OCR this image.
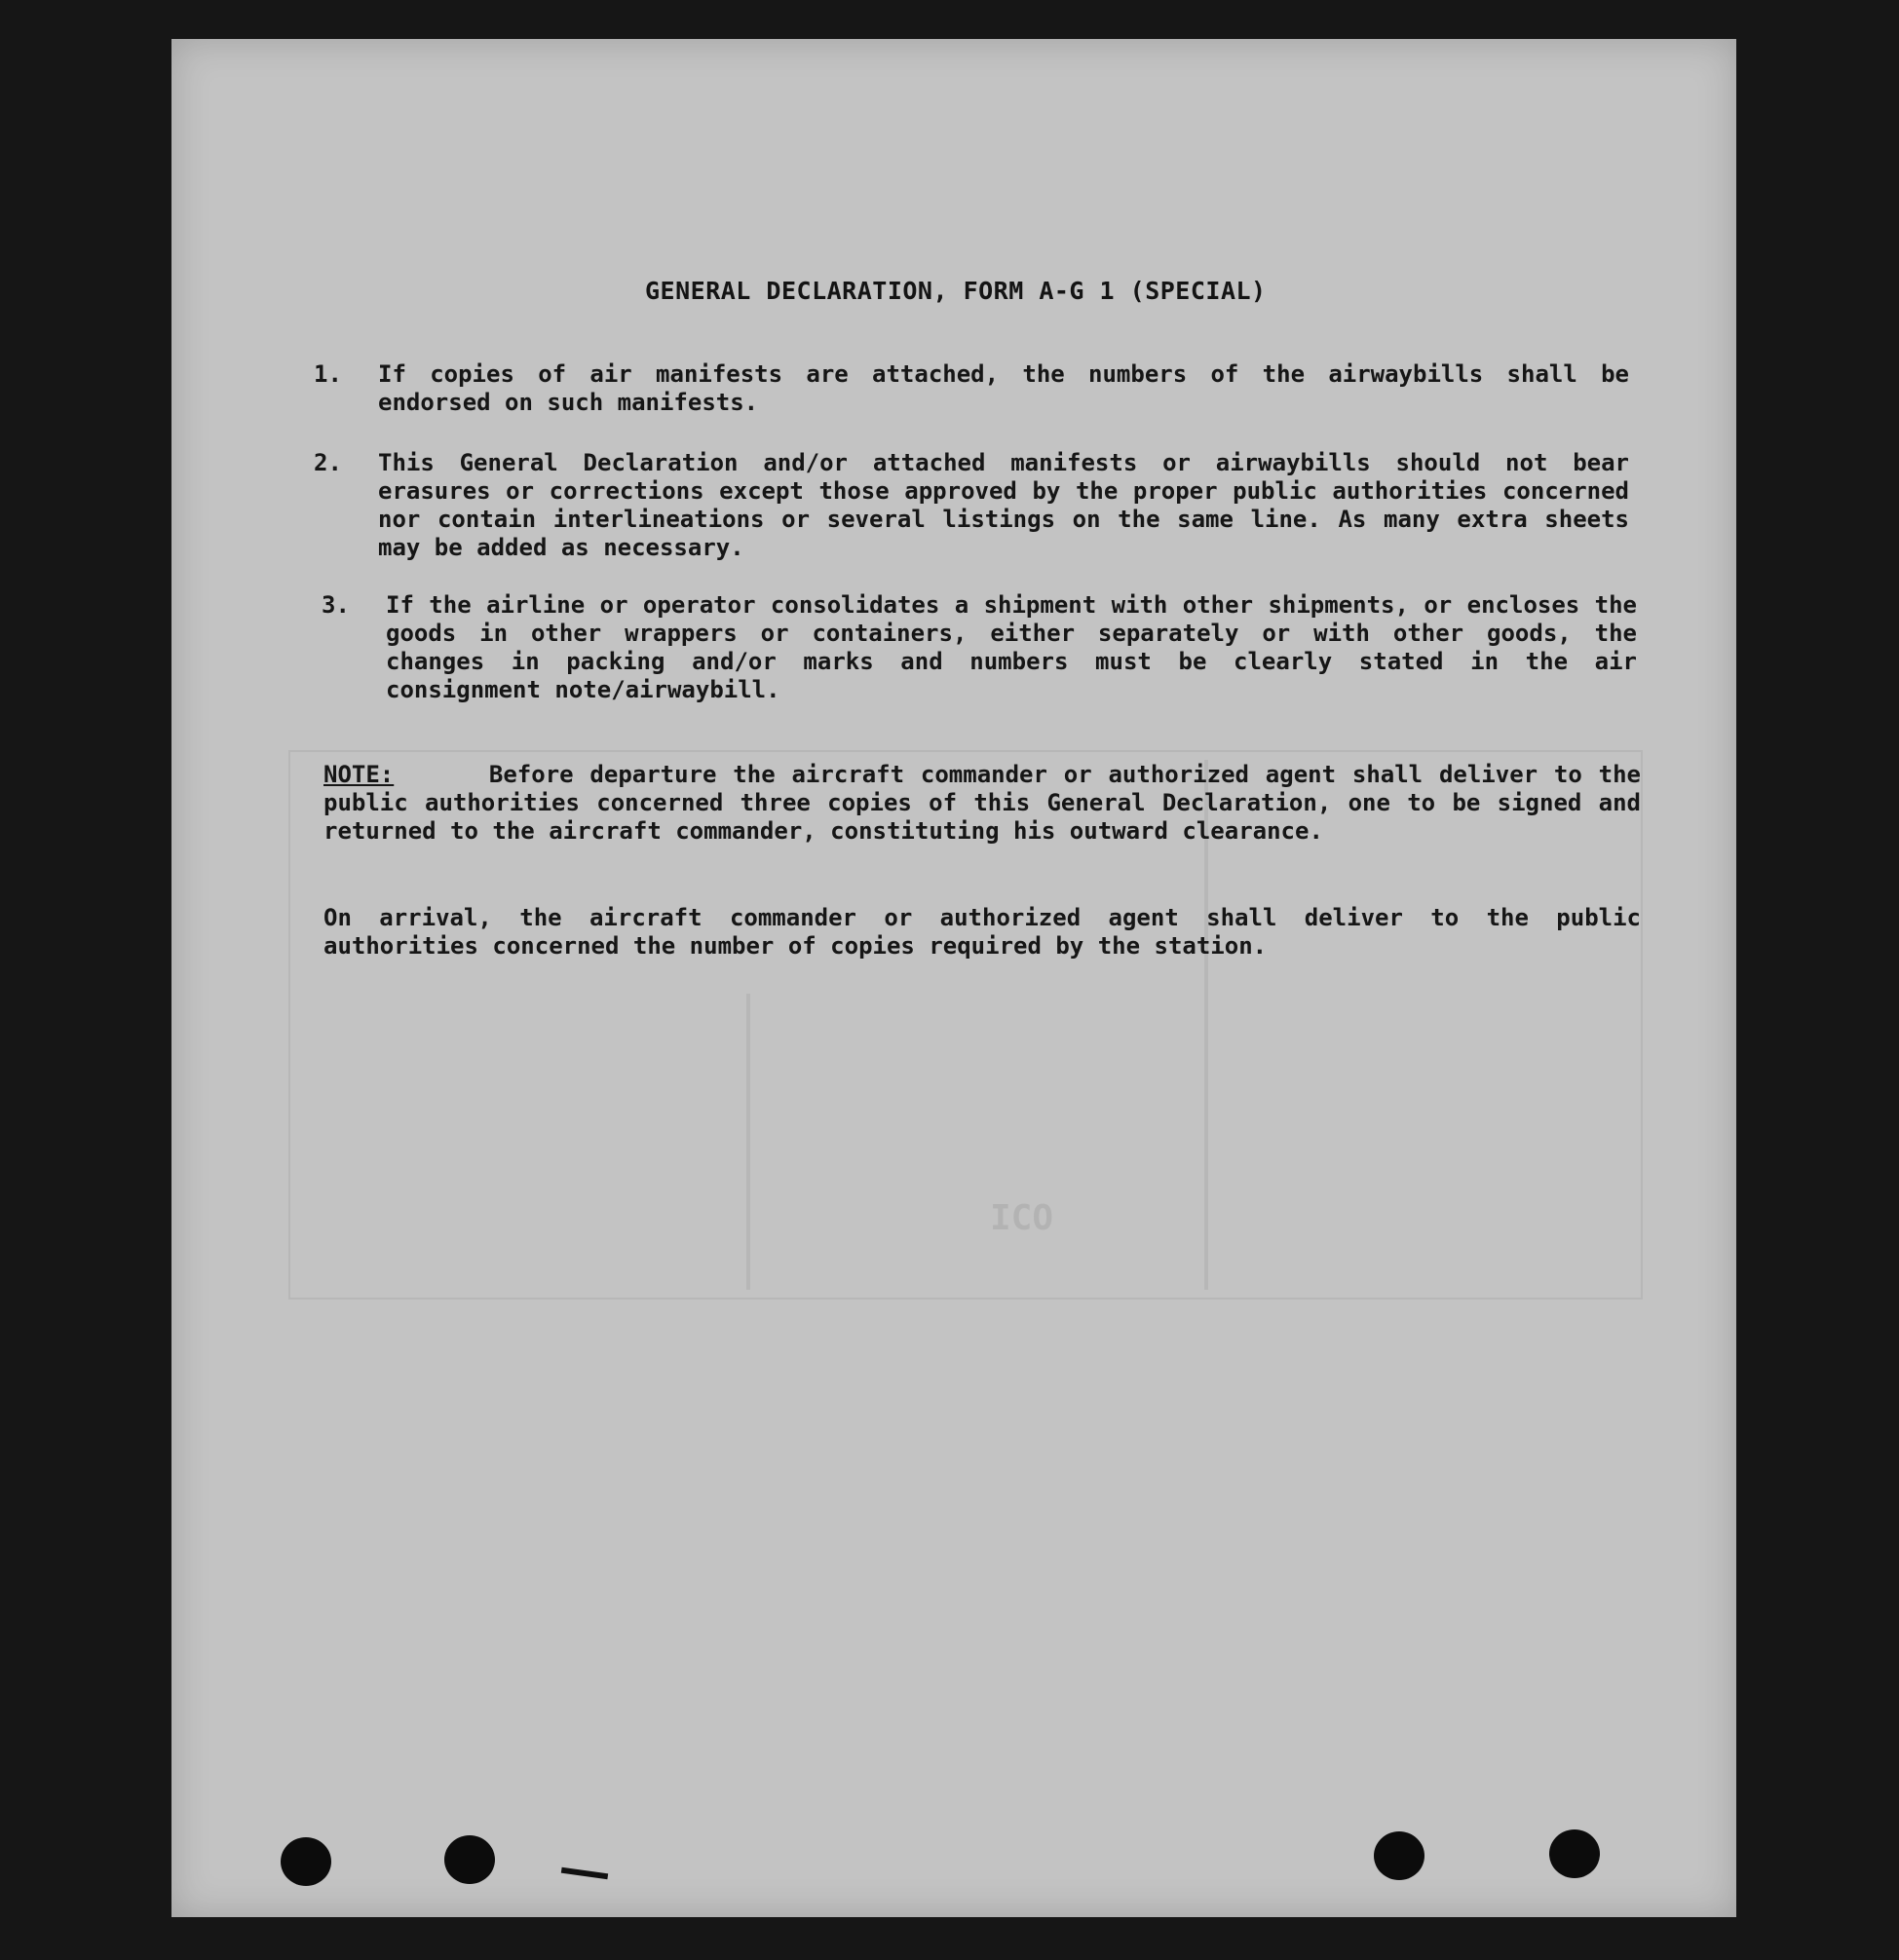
ICO
GENERAL DECLARATION, FORM A-G 1 (SPECIAL)
1. If copies of air manifests are attached, the numbers of the airwaybills shall be endorsed on such manifests.
2. This General Declaration and/or attached manifests or airwaybills should not bear erasures or corrections except those approved by the proper public authorities concerned nor contain interlineations or several listings on the same line. As many extra sheets may be added as necessary.
3. If the airline or operator consolidates a shipment with other shipments, or encloses the goods in other wrappers or containers, either separately or with other goods, the changes in packing and/or marks and numbers must be clearly stated in the air consignment note/airwaybill.
NOTE:	Before departure the aircraft commander or authorized agent shall deliver to the public authorities concerned three copies of this General Declaration, one to be signed and returned to the aircraft commander, constituting his outward clearance.
On arrival, the aircraft commander or authorized agent shall deliver to the public authorities concerned the number of copies required by the station.
